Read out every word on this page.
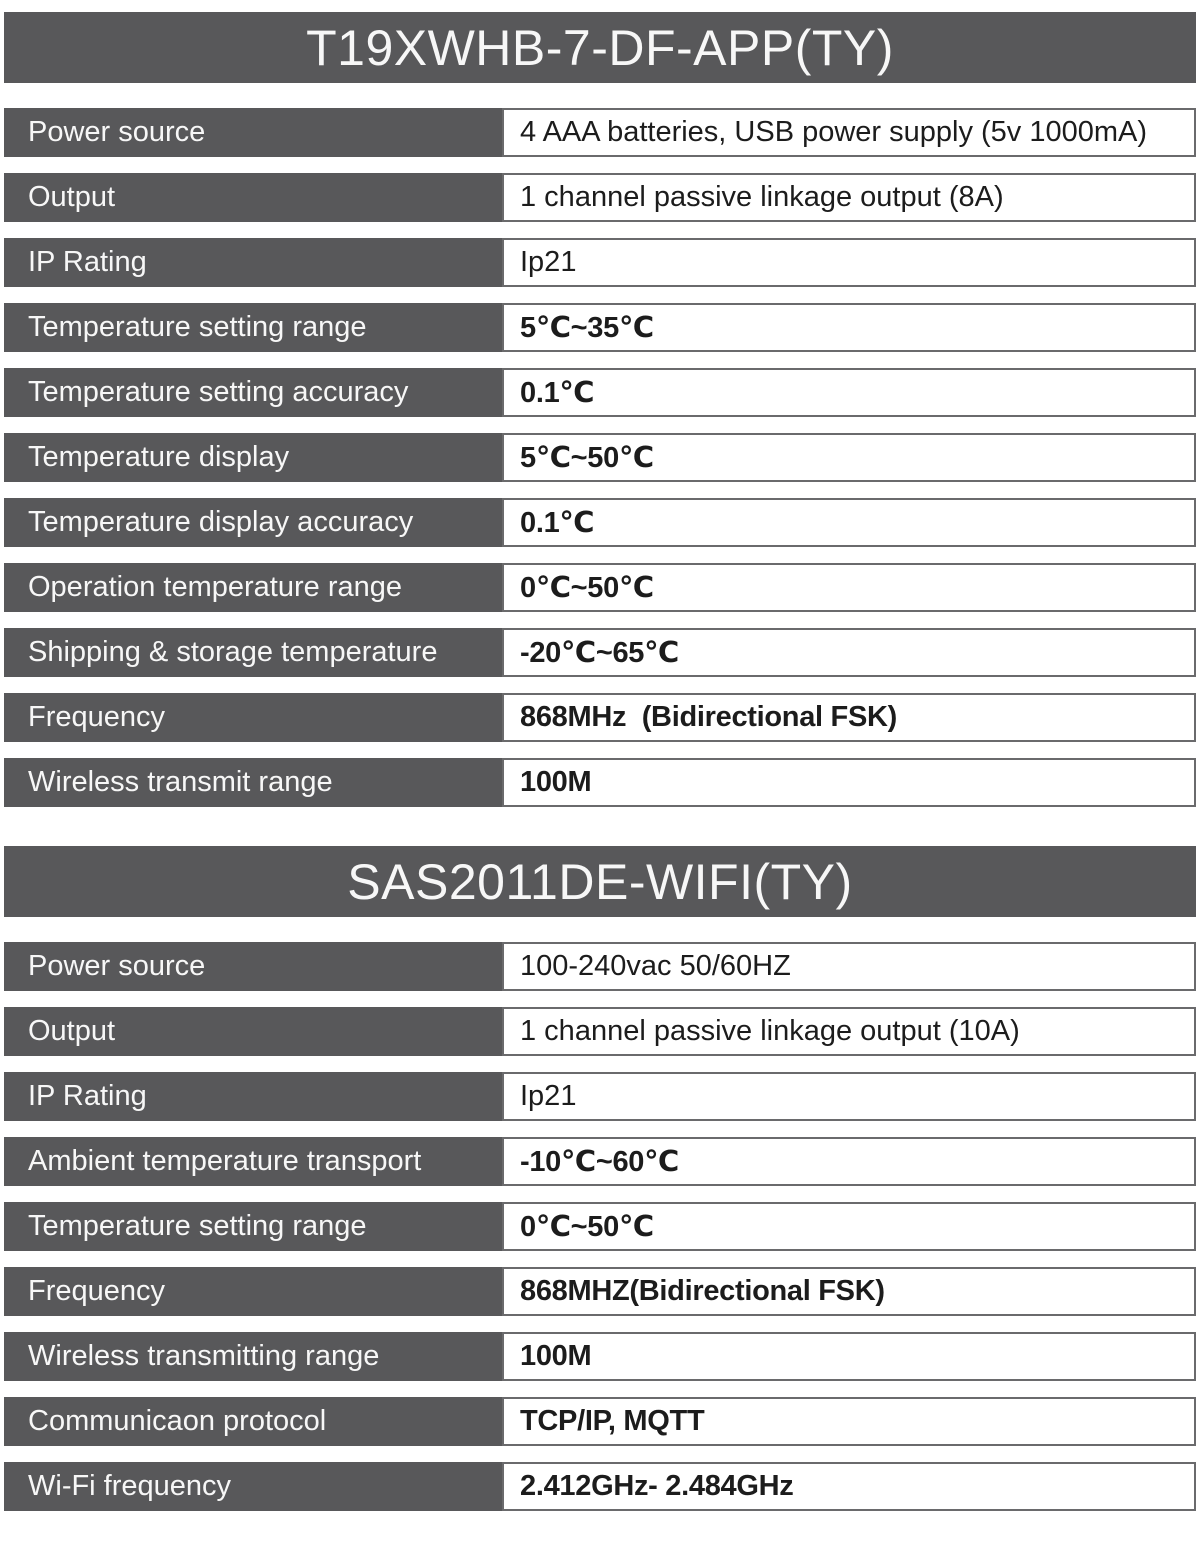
T19XWHB-7-DF-APP(TY)
Power source	4 AAA batteries, USB power supply (5v 1000mA)
Output	1 channel passive linkage output (8A)
IP Rating	Ip21
Temperature setting range	5℃~35℃
Temperature setting accuracy	0.1℃
Temperature display	5℃~50℃
Temperature display accuracy	0.1℃
Operation temperature range	0℃~50℃
Shipping & storage temperature	-20℃~65℃
Frequency	868MHz  (Bidirectional FSK)
Wireless transmit range	100M
SAS2011DE-WIFI(TY)
Power source	100-240vac 50/60HZ
Output	1 channel passive linkage output (10A)
IP Rating	Ip21
Ambient temperature transport	-10℃~60℃
Temperature setting range	0℃~50℃
Frequency	868MHZ(Bidirectional FSK)
Wireless transmitting range	100M
Communicaon protocol	TCP/IP, MQTT
Wi-Fi frequency	2.412GHz- 2.484GHz
